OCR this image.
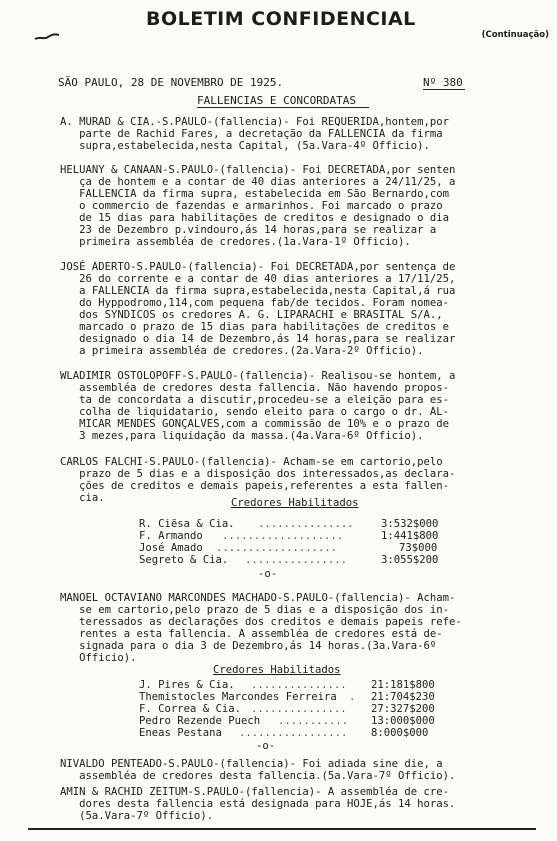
BOLETIM CONFIDENCIAL
(Continuação)
SÃO PAULO, 28 DE NOVEMBRO DE 1925.	Nº 380
FALLENCIAS E CONCORDATAS
A. MURAD & CIA.-S.PAULO-(fallencia)- Foi REQUERIDA,hontem,por
parte de Rachid Fares, a decretação da FALLENCIA da firma
supra,estabelecida,nesta Capital, (5a.Vara-4º Officio).
HELUANY & CANAAN-S.PAULO-(fallencia)- Foi DECRETADA,por senten
ça de hontem e a contar de 40 dias anteriores a 24/11/25, a
FALLENCIA da firma supra, estabelecida em São Bernardo,com
o commercio de fazendas e armarinhos. Foi marcado o prazo
de 15 dias para habilitações de creditos e designado o dia
23 de Dezembro p.vindouro,ás 14 horas,para se realizar a
primeira assembléa de credores.(1a.Vara-1º Officio).
JOSÉ ADERTO-S.PAULO-(fallencia)- Foi DECRETADA,por sentença de
26 do corrente e a contar de 40 dias anteriores a 17/11/25,
a FALLENCIA da firma supra,estabelecida,nesta Capital,á rua
do Hyppodromo,114,com pequena fab/de tecidos. Foram nomea-
dos SYNDICOS os credores A. G. LIPARACHI e BRASITAL S/A.,
marcado o prazo de 15 dias para habilitações de creditos e
designado o dia 14 de Dezembro,ás 14 horas,para se realizar
a primeira assembléa de credores.(2a.Vara-2º Officio).
WLADIMIR OSTOLOPOFF-S.PAULO-(fallencia)- Realisou-se hontem, a
assembléa de credores desta fallencia. Não havendo propos-
ta de concordata a discutir,procedeu-se a eleição para es-
colha de liquidatario, sendo eleito para o cargo o dr. AL-
MICAR MENDES GONÇALVES,com a commissão de 10% e o prazo de
3 mezes,para liquidação da massa.(4a.Vara-6º Officio).
CARLOS FALCHI-S.PAULO-(fallencia)- Acham-se em cartorio,pelo
prazo de 5 dias e a disposição dos interessados,as declara-
ções de creditos e demais papeis,referentes a esta fallen-
cia.	Credores Habilitados
R. Ciësa & Cia. ...............	3:532$000
F. Armando ...................	1:441$800
José Amado ...................	73$000
Segreto & Cia. ................	3:055$200
-o-
MANOEL OCTAVIANO MARCONDES MACHADO-S.PAULO-(fallencia)- Acham-
se em cartorio,pelo prazo de 5 dias e a disposição dos in-
teressados as declarações dos creditos e demais papeis refe-
rentes a esta fallencia. A assembléa de credores está de-
signada para o dia 3 de Dezembro,ás 14 horas.(3a.Vara-6º
Officio).
Credores Habilitados
J. Pires & Cia. ............... 21:181$800
Themistocles Marcondes Ferreira . 21:704$230
F. Correa & Cia. ............... 27:327$200
Pedro Rezende Puech ........... 13:000$000
Eneas Pestana ................. 8:000$000
-o-
NIVALDO PENTEADO-S.PAULO-(fallencia)- Foi adiada sine die, a
assembléa de credores desta fallencia.(5a.Vara-7º Officio).
AMIN & RACHID ZEITUM-S.PAULO-(fallencia)- A assembléa de cre-
dores desta fallencia está designada para HOJE,ás 14 horas.
(5a.Vara-7º Officio).
